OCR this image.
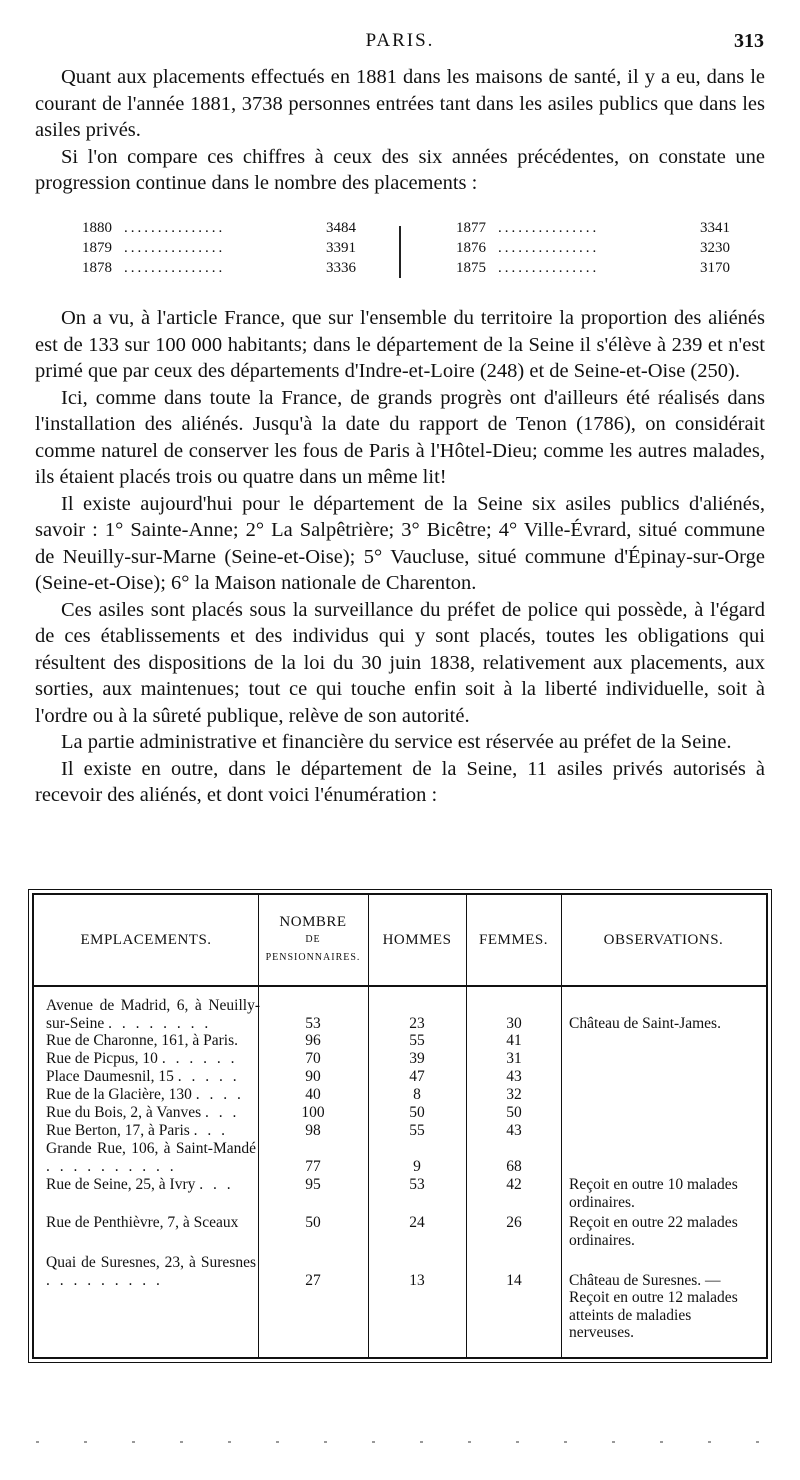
PARIS.	313

Quant aux placements effectués en 1881 dans les maisons de santé, il y a eu, dans le courant de l'année 1881, 3738 personnes entrées tant dans les asiles publics que dans les asiles privés.

Si l'on compare ces chiffres à ceux des six années précédentes, on constate une progression continue dans le nombre des placements :

1880 ...............	3484
1879 ...............	3391
1878 ...............	3336
1877 ...............	3341
1876 ...............	3230
1875 ...............	3170

On a vu, à l'article France, que sur l'ensemble du territoire la proportion des aliénés est de 133 sur 100 000 habitants; dans le département de la Seine il s'élève à 239 et n'est primé que par ceux des départements d'Indre-et-Loire (248) et de Seine-et-Oise (250).

Ici, comme dans toute la France, de grands progrès ont d'ailleurs été réalisés dans l'installation des aliénés. Jusqu'à la date du rapport de Tenon (1786), on considérait comme naturel de conserver les fous de Paris à l'Hôtel-Dieu; comme les autres malades, ils étaient placés trois ou quatre dans un même lit!

Il existe aujourd'hui pour le département de la Seine six asiles publics d'aliénés, savoir : 1° Sainte-Anne; 2° La Salpêtrière; 3° Bicêtre; 4° Ville-Évrard, situé commune de Neuilly-sur-Marne (Seine-et-Oise); 5° Vaucluse, situé commune d'Épinay-sur-Orge (Seine-et-Oise); 6° la Maison nationale de Charenton.

Ces asiles sont placés sous la surveillance du préfet de police qui possède, à l'égard de ces établissements et des individus qui y sont placés, toutes les obligations qui résultent des dispositions de la loi du 30 juin 1838, relativement aux placements, aux sorties, aux maintenues; tout ce qui touche enfin soit à la liberté individuelle, soit à l'ordre ou à la sûreté publique, relève de son autorité.

La partie administrative et financière du service est réservée au préfet de la Seine.

Il existe en outre, dans le département de la Seine, 11 asiles privés autorisés à recevoir des aliénés, et dont voici l'énumération :

EMPLACEMENTS.
NOMBRE
DE
PENSIONNAIRES.
HOMMES	FEMMES.	OBSERVATIONS.
Avenue de Madrid, 6, à Neuilly-sur-Seine . . . . . . . .	53	23	30	Château de Saint-James.
Rue de Charonne, 161, à Paris.	96	55	41
Rue de Picpus, 10 . . . . . .	70	39	31
Place Daumesnil, 15 . . . . .	90	47	43
Rue de la Glacière, 130 . . . .	40	8	32
Rue du Bois, 2, à Vanves . . .	100	50	50
Rue Berton, 17, à Paris . . .	98	55	43
Grande Rue, 106, à Saint-Mandé . . . . . . . . . .	77	9	68
Rue de Seine, 25, à Ivry . . .	95	53	42	Reçoit en outre 10 malades ordinaires.
Rue de Penthièvre, 7, à Sceaux	50	24	26	Reçoit en outre 22 malades ordinaires.
Quai de Suresnes, 23, à Suresnes . . . . . . . . .	27	13	14	Château de Suresnes. — Reçoit en outre 12 malades atteints de maladies nerveuses.
